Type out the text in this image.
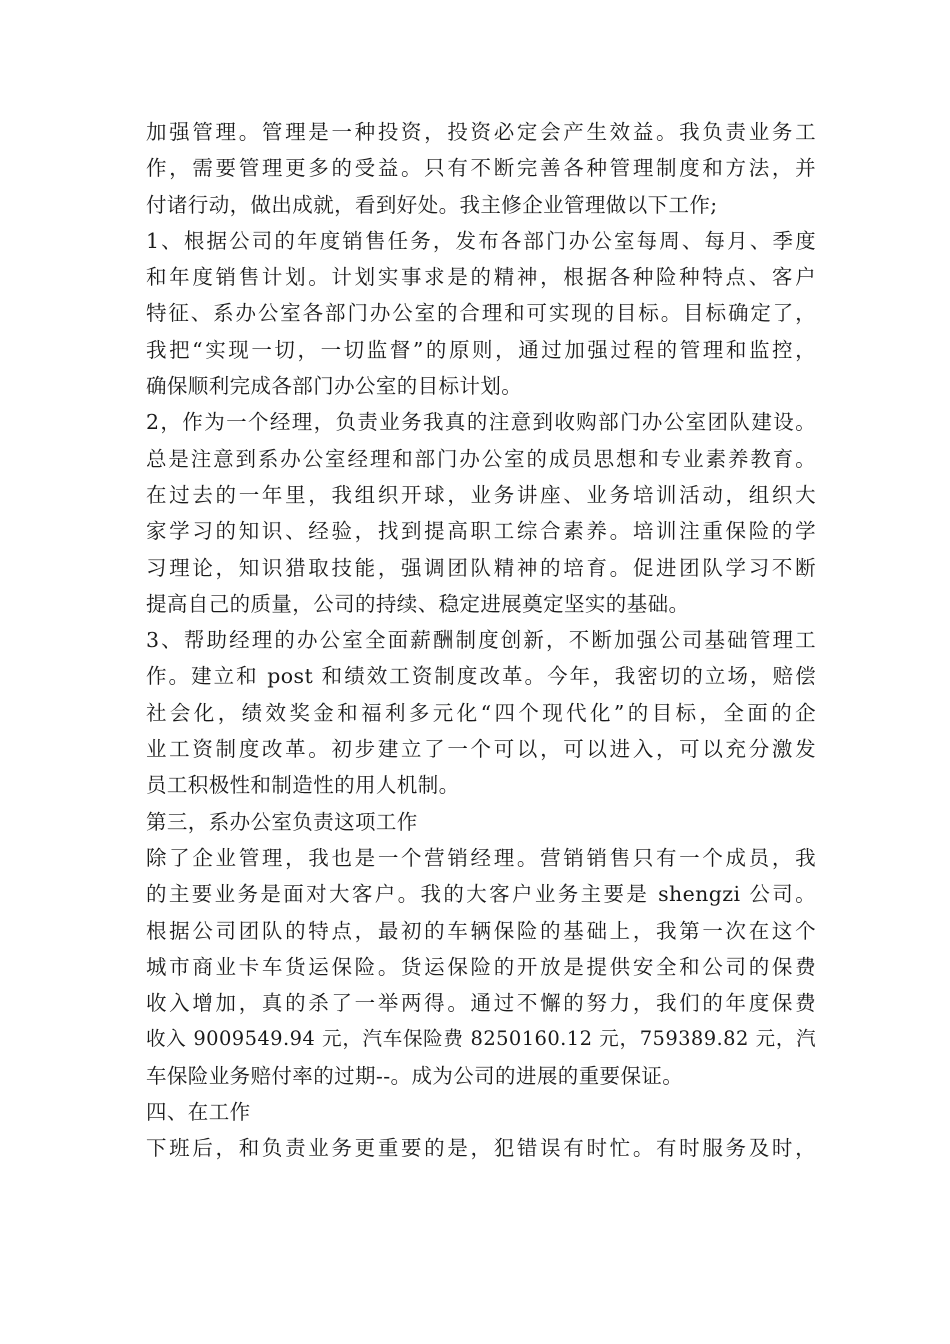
加强管理。管理是一种投资，投资必定会产生效益。我负责业务工
作，需要管理更多的受益。只有不断完善各种管理制度和方法，并
付诸行动，做出成就，看到好处。我主修企业管理做以下工作;
1、根据公司的年度销售任务，发布各部门办公室每周、每月、季度
和年度销售计划。计划实事求是的精神，根据各种险种特点、客户
特征、系办公室各部门办公室的合理和可实现的目标。目标确定了，
我把“实现一切，一切监督”的原则，通过加强过程的管理和监控，
确保顺利完成各部门办公室的目标计划。
2，作为一个经理，负责业务我真的注意到收购部门办公室团队建设。
总是注意到系办公室经理和部门办公室的成员思想和专业素养教育。
在过去的一年里，我组织开球，业务讲座、业务培训活动，组织大
家学习的知识、经验，找到提高职工综合素养。培训注重保险的学
习理论，知识猎取技能，强调团队精神的培育。促进团队学习不断
提高自己的质量，公司的持续、稳定进展奠定坚实的基础。
3、帮助经理的办公室全面薪酬制度创新，不断加强公司基础管理工
作。建立和 post 和绩效工资制度改革。今年，我密切的立场，赔偿
社会化，绩效奖金和福利多元化“四个现代化”的目标，全面的企
业工资制度改革。初步建立了一个可以，可以进入，可以充分激发
员工积极性和制造性的用人机制。
第三，系办公室负责这项工作
除了企业管理，我也是一个营销经理。营销销售只有一个成员，我
的主要业务是面对大客户。我的大客户业务主要是 shengzi 公司。
根据公司团队的特点，最初的车辆保险的基础上，我第一次在这个
城市商业卡车货运保险。货运保险的开放是提供安全和公司的保费
收入增加，真的杀了一举两得。通过不懈的努力，我们的年度保费
收入 9009549.94 元，汽车保险费 8250160.12 元，759389.82 元，汽
车保险业务赔付率的过期--。成为公司的进展的重要保证。
四、在工作
下班后，和负责业务更重要的是，犯错误有时忙。有时服务及时，
